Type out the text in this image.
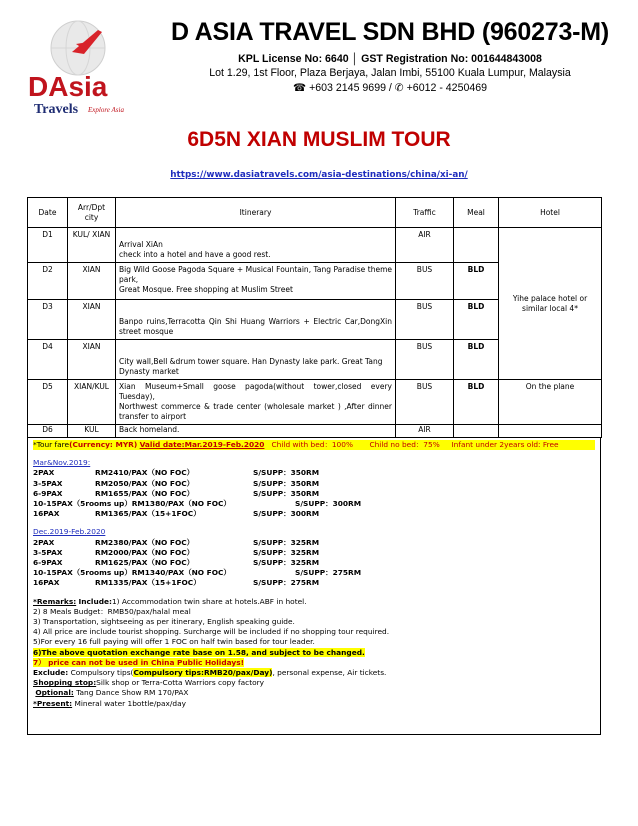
DAsia
Travels Explore Asia
D ASIA TRAVEL SDN BHD (960273-M)
KPL License No: 6640 │ GST Registration No: 001644843008
Lot 1.29, 1st Floor, Plaza Berjaya, Jalan Imbi, 55100 Kuala Lumpur, Malaysia
☎ +603 2145 9699 / ✆ +6012 - 4250469
6D5N XIAN MUSLIM TOUR
https://www.dasiatravels.com/asia-destinations/china/xi-an/
Date	Arr/Dpt city	Itinerary	Traffic	Meal	Hotel
D1	KUL/ XIAN	Arrival XiAn
check into a hotel and have a good rest.	AIR		Yihe palace hotel or similar local 4*
D2	XIAN	Big Wild Goose Pagoda Square + Musical Fountain, Tang Paradise theme park,
Great Mosque. Free shopping at Muslim Street	BUS	BLD	
D3	XIAN	Banpo ruins,Terracotta Qin Shi Huang Warriors + Electric Car,DongXin street mosque	BUS	BLD	
D4	XIAN	City wall,Bell &drum tower square. Han Dynasty lake park. Great Tang Dynasty market	BUS	BLD	
D5	XIAN/KUL	Xian Museum+Small goose pagoda(without tower,closed every Tuesday),
Northwest commerce & trade center (wholesale market ) ,After dinner transfer to airport	BUS	BLD	On the plane
D6	KUL	Back homeland.	AIR		
*Tour fare(Currency: MYR) Valid date:Mar.2019-Feb.2020 Child with bed：100% Child no bed：75% Infant under 2years old: Free
Mar&Nov.2019:
2PAX	RM2410/PAX（NO FOC）	S/SUPP：350RM
3-5PAX	RM2050/PAX（NO FOC）	S/SUPP：350RM
6-9PAX	RM1655/PAX（NO FOC）	S/SUPP：350RM
10-15PAX（5rooms up）RM1380/PAX（NO FOC）	S/SUPP：300RM
16PAX	RM1365/PAX（15+1FOC）	S/SUPP：300RM
Dec.2019-Feb.2020
2PAX	RM2380/PAX（NO FOC）	S/SUPP：325RM
3-5PAX	RM2000/PAX（NO FOC）	S/SUPP：325RM
6-9PAX	RM1625/PAX（NO FOC）	S/SUPP：325RM
10-15PAX（5rooms up）RM1340/PAX（NO FOC）	S/SUPP：275RM
16PAX	RM1335/PAX（15+1FOC）	S/SUPP：275RM
*Remarks: Include:1) Accommodation twin share at hotels.ABF in hotel.
2) 8 Meals Budget：RMB50/pax/halal meal
3) Transportation, sightseeing as per itinerary, English speaking guide.
4) All price are include tourist shopping. Surcharge will be included if no shopping tour required.
5)For every 16 full paying will offer 1 FOC on half twin based for tour leader.
6)The above quotation exchange rate base on 1.58, and subject to be changed.
7） price can not be used in China Public Holidays!
Exclude: Compulsory tips(Compulsory tips:RMB20/pax/Day), personal expense, Air tickets.
Shopping stop:Silk shop or Terra-Cotta Warriors copy factory
Optional: Tang Dance Show RM 170/PAX
*Present: Mineral water 1bottle/pax/day
